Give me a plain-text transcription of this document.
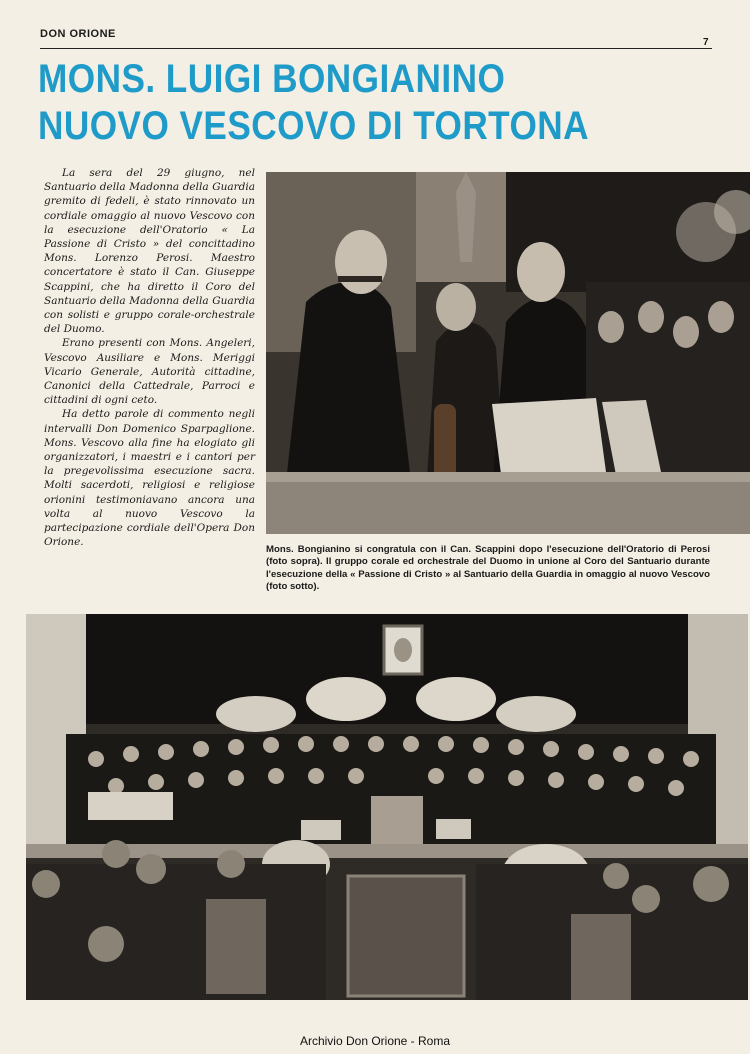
DON ORIONE
7
MONS. LUIGI BONGIANINO
NUOVO VESCOVO DI TORTONA

La sera del 29 giugno, nel Santuario della Madonna della Guardia gremito di fedeli, è stato rinnovato un cordiale omaggio al nuovo Vescovo con la esecuzione dell'Oratorio « La Passione di Cristo » del concittadino Mons. Lorenzo Perosi. Maestro concertatore è stato il Can. Giuseppe Scappini, che ha diretto il Coro del Santuario della Madonna della Guardia con solisti e gruppo corale-orchestrale del Duomo.

Erano presenti con Mons. Angeleri, Vescovo Ausiliare e Mons. Meriggi Vicario Generale, Autorità cittadine, Canonici della Cattedrale, Parroci e cittadini di ogni ceto.

Ha detto parole di commento negli intervalli Don Domenico Sparpaglione. Mons. Vescovo alla fine ha elogiato gli organizzatori, i maestri e i cantori per la pregevolissima esecuzione sacra. Molti sacerdoti, religiosi e religiose orionini testimoniavano ancora una volta al nuovo Vescovo la partecipazione cordiale dell'Opera Don Orione.

Mons. Bongianino si congratula con il Can. Scappini dopo l'esecuzione dell'Oratorio di Perosi (foto sopra). Il gruppo corale ed orchestrale del Duomo in unione al Coro del Santuario durante l'esecuzione della « Passione di Cristo » al Santuario della Guardia in omaggio al nuovo Vescovo (foto sotto).
Archivio Don Orione - Roma
